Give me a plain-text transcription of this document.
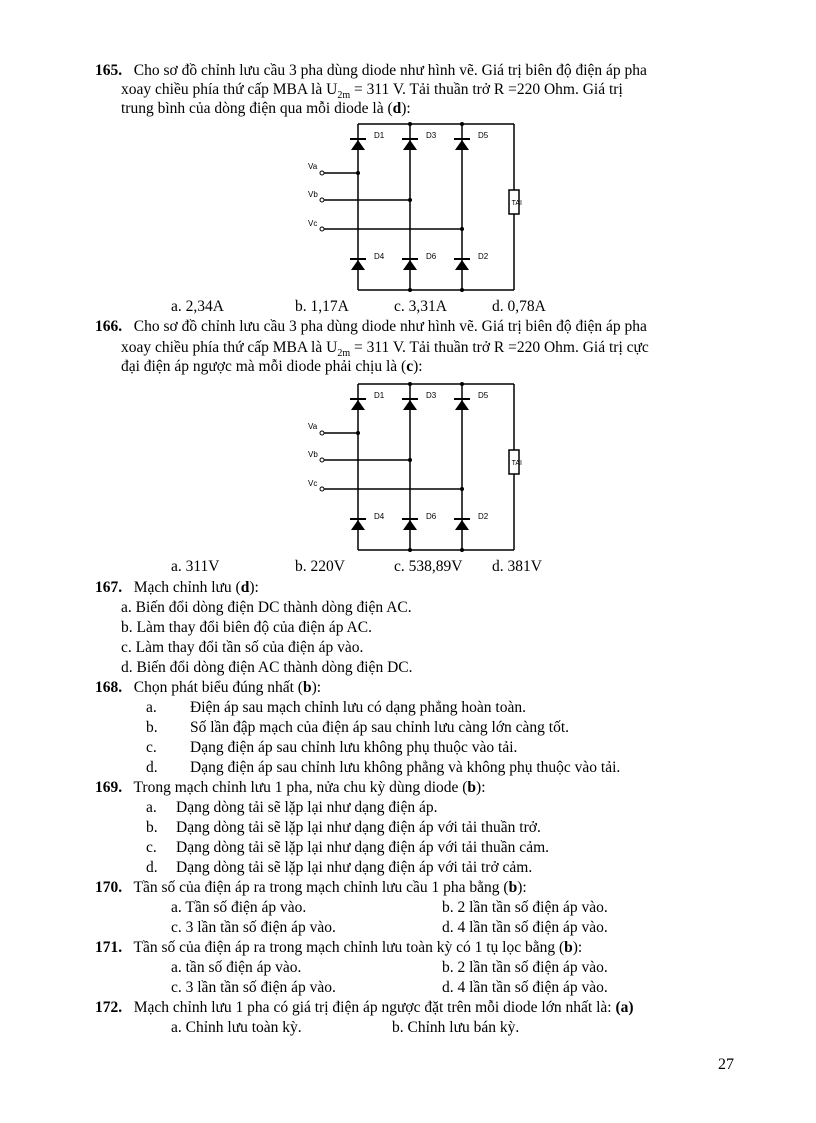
165. Cho sơ đồ chỉnh lưu cầu 3 pha dùng diode như hình vẽ. Giá trị biên độ điện áp pha
xoay chiều phía thứ cấp MBA là $U_{2m} = 311$ V. Tải thuần trở R =220 Ohm. Giá trị
trung bình của dòng điện qua mỗi diode là (d):
D1	D3	D5
D4	D6	D2
Va
Vb
Vc
TAI
a. 2,34A	b. 1,17A	c. 3,31A	d. 0,78A
166. Cho sơ đồ chỉnh lưu cầu 3 pha dùng diode như hình vẽ. Giá trị biên độ điện áp pha
xoay chiều phía thứ cấp MBA là $U_{2m} = 311$ V. Tải thuần trở R =220 Ohm. Giá trị cực
đại điện áp ngược mà mỗi diode phải chịu là (c):
D1	D3	D5
D4	D6	D2
Va
Vb
Vc
TAI
a. 311V	b. 220V	c. 538,89V d. 381V
167. Mạch chỉnh lưu (d):
a. Biến đổi dòng điện DC thành dòng điện AC.
b. Làm thay đổi biên độ của điện áp AC.
c. Làm thay đổi tần số của điện áp vào.
d. Biến đổi dòng điện AC thành dòng điện DC.
168. Chọn phát biểu đúng nhất (b):
a. Điện áp sau mạch chỉnh lưu có dạng phẳng hoàn toàn.
b. Số lần đập mạch của điện áp sau chỉnh lưu càng lớn càng tốt.
c. Dạng điện áp sau chỉnh lưu không phụ thuộc vào tải.
d. Dạng điện áp sau chỉnh lưu không phẳng và không phụ thuộc vào tải.
169. Trong mạch chỉnh lưu 1 pha, nửa chu kỳ dùng diode (b):
a. Dạng dòng tải sẽ lặp lại như dạng điện áp.
b. Dạng dòng tải sẽ lặp lại như dạng điện áp với tải thuần trở.
c. Dạng dòng tải sẽ lặp lại như dạng điện áp với tải thuần cảm.
d. Dạng dòng tải sẽ lặp lại như dạng điện áp với tải trở cảm.
170. Tần số của điện áp ra trong mạch chỉnh lưu cầu 1 pha bằng (b):
a. Tần số điện áp vào.	b. 2 lần tần số điện áp vào.
c. 3 lần tần số điện áp vào.	d. 4 lần tần số điện áp vào.
171. Tần số của điện áp ra trong mạch chỉnh lưu toàn kỳ có 1 tụ lọc bằng (b):
a. tần số điện áp vào.	b. 2 lần tần số điện áp vào.
c. 3 lần tần số điện áp vào.	d. 4 lần tần số điện áp vào.
172. Mạch chỉnh lưu 1 pha có giá trị điện áp ngược đặt trên mỗi diode lớn nhất là: (a)
a. Chỉnh lưu toàn kỳ.	b. Chỉnh lưu bán kỳ.
27
